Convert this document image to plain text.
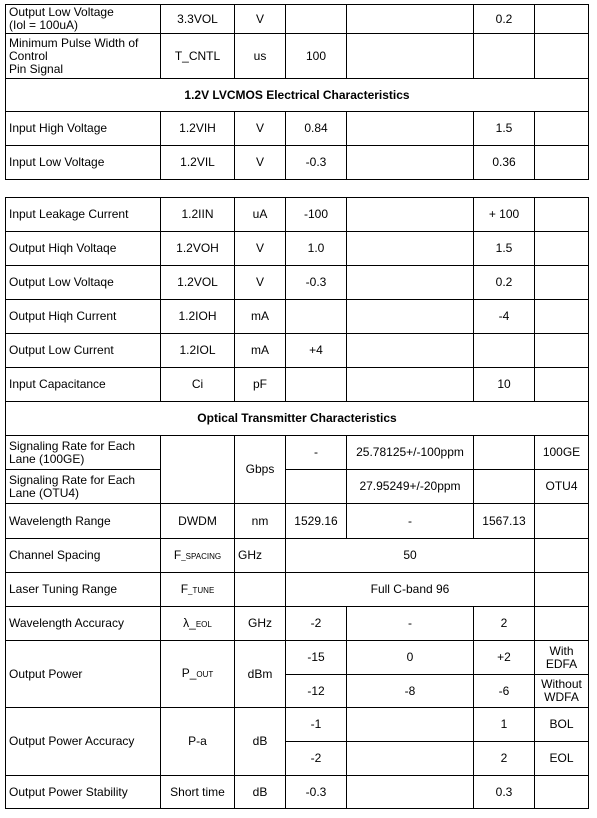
Output Low Voltage
(Iol = 100uA)	3.3VOL	V			0.2	
Minimum Pulse Width of
Control
Pin Signal	T_CNTL	us	100			
1.2V LVCMOS Electrical Characteristics						
Input High Voltage	1.2VIH	V	0.84		1.5	
Input Low Voltage	1.2VIL	V	-0.3		0.36	
Input Leakage Current	1.2IIN	uA	-100		+ 100	
Output Hiqh Voltaqe	1.2VOH	V	1.0		1.5	
Output Low Voltaqe	1.2VOL	V	-0.3		0.2	
Output Hiqh Current	1.2IOH	mA			-4	
Output Low Current	1.2IOL	mA	+4			
Input Capacitance	Ci	pF			10	
Optical Transmitter Characteristics						
Signaling Rate for Each
Lane (100GE)		Gbps	-	25.78125+/-100ppm		100GE
Signaling Rate for Each
Lane (OTU4)				27.95249+/-20ppm		OTU4
Wavelength Range	DWDM	nm	1529.16	-	1567.13	
Channel Spacing	F_SPACING	GHz	50			
Laser Tuning Range	F_TUNE		Full C-band 96			
Wavelength Accuracy	λ_EOL	GHz	-2	-	2	
Output Power	P_OUT	dBm	-15	0	+2	With
EDFA
			-12	-8	-6	Without
WDFA
Output Power Accuracy	P-a	dB	-1		1	BOL
			-2		2	EOL
Output Power Stability	Short time	dB	-0.3		0.3	
